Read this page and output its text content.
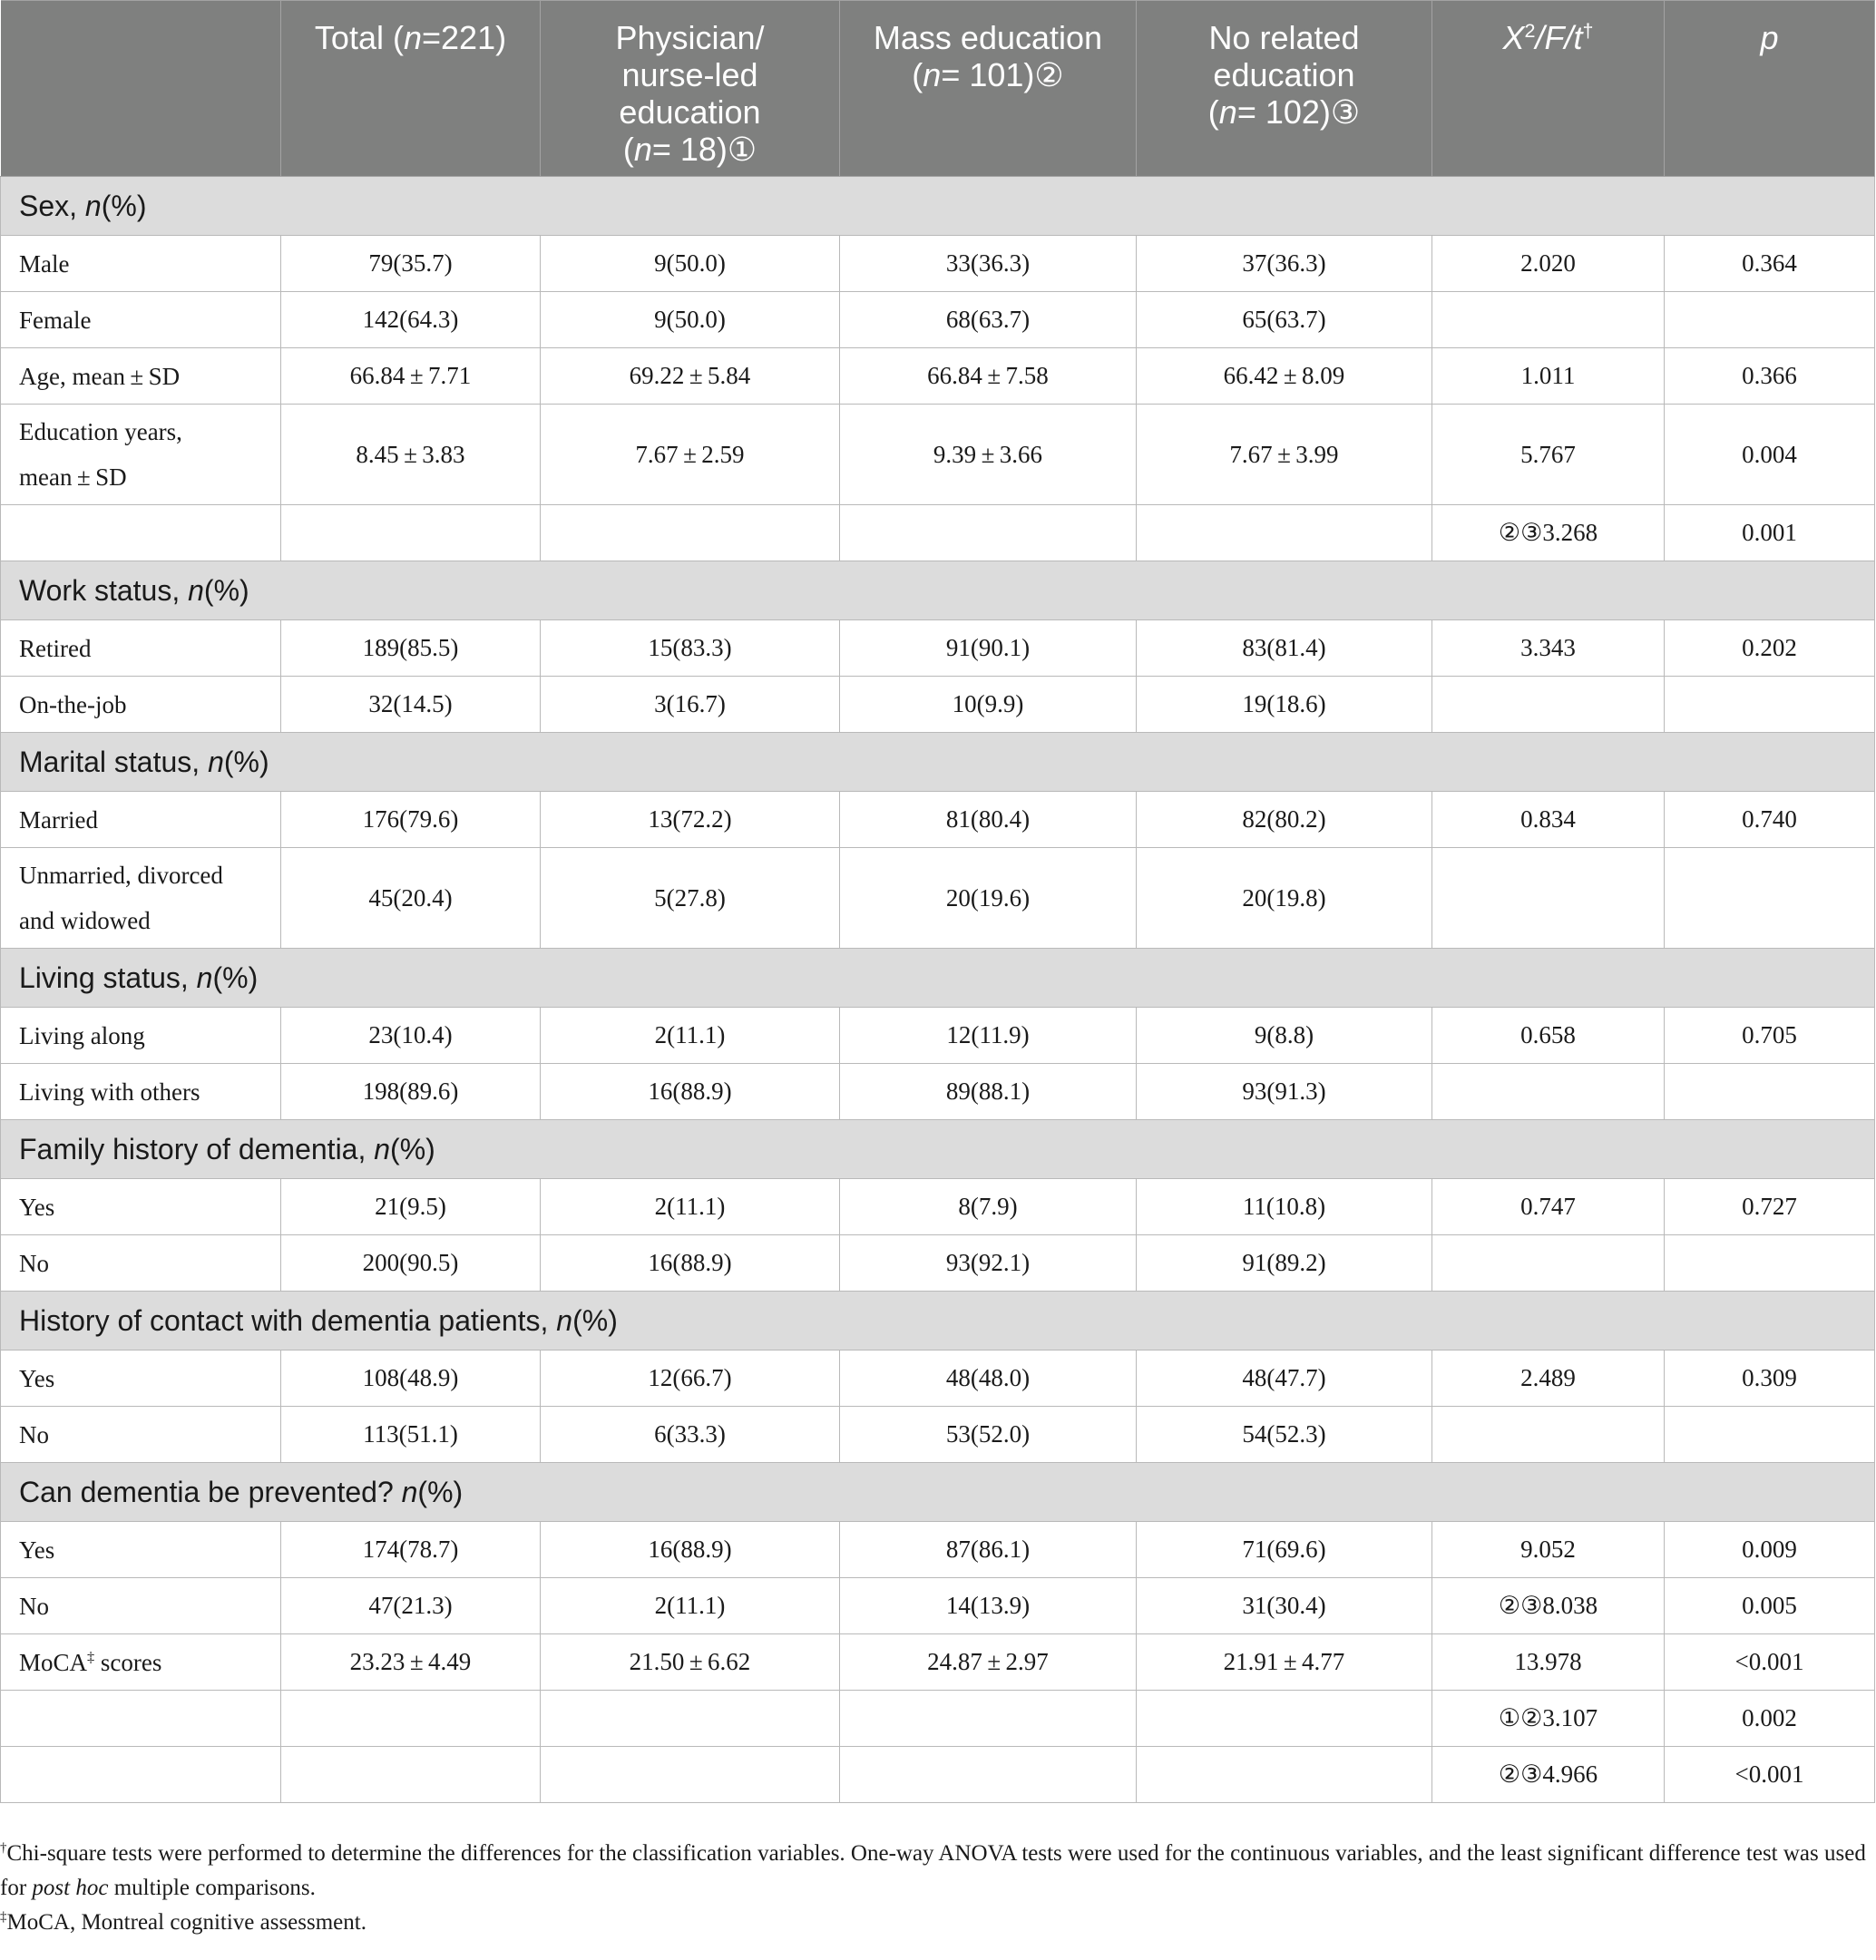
	Total (n=221)	Physician/
nurse-led
education
(n= 18)①	Mass education
(n= 101)②	No related
education
(n= 102)③	$X^2/F/t^\dagger$	p
Sex, n(%)						
Male	79(35.7)	9(50.0)	33(36.3)	37(36.3)	2.020	0.364
Female	142(64.3)	9(50.0)	68(63.7)	65(63.7)		
Age, mean ± SD	66.84 ± 7.71	69.22 ± 5.84	66.84 ± 7.58	66.42 ± 8.09	1.011	0.366
Education years,
mean ± SD	8.45 ± 3.83	7.67 ± 2.59	9.39 ± 3.66	7.67 ± 3.99	5.767	0.004
					②③3.268	0.001
Work status, n(%)						
Retired	189(85.5)	15(83.3)	91(90.1)	83(81.4)	3.343	0.202
On-the-job	32(14.5)	3(16.7)	10(9.9)	19(18.6)		
Marital status, n(%)						
Married	176(79.6)	13(72.2)	81(80.4)	82(80.2)	0.834	0.740
Unmarried, divorced
and widowed	45(20.4)	5(27.8)	20(19.6)	20(19.8)		
Living status, n(%)						
Living along	23(10.4)	2(11.1)	12(11.9)	9(8.8)	0.658	0.705
Living with others	198(89.6)	16(88.9)	89(88.1)	93(91.3)		
Family history of dementia, n(%)						
Yes	21(9.5)	2(11.1)	8(7.9)	11(10.8)	0.747	0.727
No	200(90.5)	16(88.9)	93(92.1)	91(89.2)		
History of contact with dementia patients, n(%)						
Yes	108(48.9)	12(66.7)	48(48.0)	48(47.7)	2.489	0.309
No	113(51.1)	6(33.3)	53(52.0)	54(52.3)		
Can dementia be prevented? n(%)						
Yes	174(78.7)	16(88.9)	87(86.1)	71(69.6)	9.052	0.009
No	47(21.3)	2(11.1)	14(13.9)	31(30.4)	②③8.038	0.005
MoCA‡ scores	23.23 ± 4.49	21.50 ± 6.62	24.87 ± 2.97	21.91 ± 4.77	13.978	<0.001
					①②3.107	0.002
					②③4.966	<0.001

†Chi-square tests were performed to determine the differences for the classification variables. One-way ANOVA tests were used for the continuous variables, and the least significant difference test was used for post hoc multiple comparisons.

‡MoCA, Montreal cognitive assessment.
